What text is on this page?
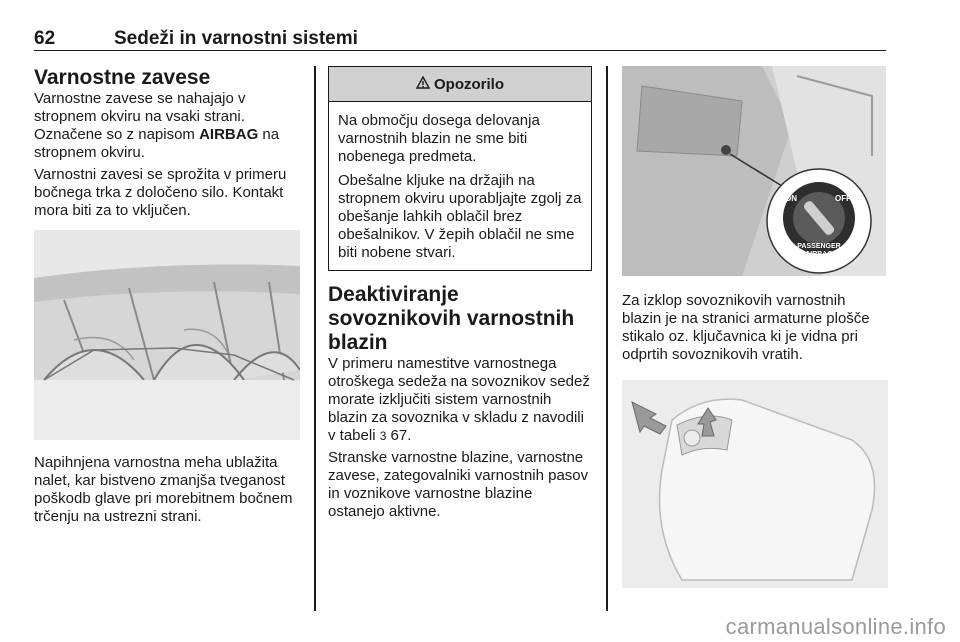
62	Sedeži in varnostni sistemi
Varnostne zavese

Varnostne zavese se nahajajo v stropnem okviru na vsaki strani. Označene so z napisom AIRBAG na stropnem okviru.

Varnostni zavesi se sprožita v primeru bočnega trka z določeno silo. Kontakt mora biti za to vključen.

Napihnjena varnostna meha ublažita nalet, kar bistveno zmanjša tveganost poškodb glave pri morebitnem bočnem trčenju na ustrezni strani.

Opozorilo

Na območju dosega delovanja varnostnih blazin ne sme biti nobenega predmeta.

Obešalne kljuke na držajih na stropnem okviru uporabljajte zgolj za obešanje lahkih oblačil brez obešalnikov. V žepih oblačil ne sme biti nobene stvari.

Deaktiviranje sovoznikovih varnostnih blazin

V primeru namestitve varnostnega otroškega sedeža na sovoznikov sedež morate izključiti sistem varnostnih blazin za sovoznika v skladu z navodili v tabeli 3 67.

Stranske varnostne blazine, varnostne zavese, zategovalniki varnostnih pasov in voznikove varnostne blazine ostanejo aktivne.

ON	OFF
PASSENGER
AIRBAG

Za izklop sovoznikovih varnostnih blazin je na stranici armaturne plošče stikalo oz. ključavnica ki je vidna pri odprtih sovoznikovih vratih.

carmanualsonline.info
